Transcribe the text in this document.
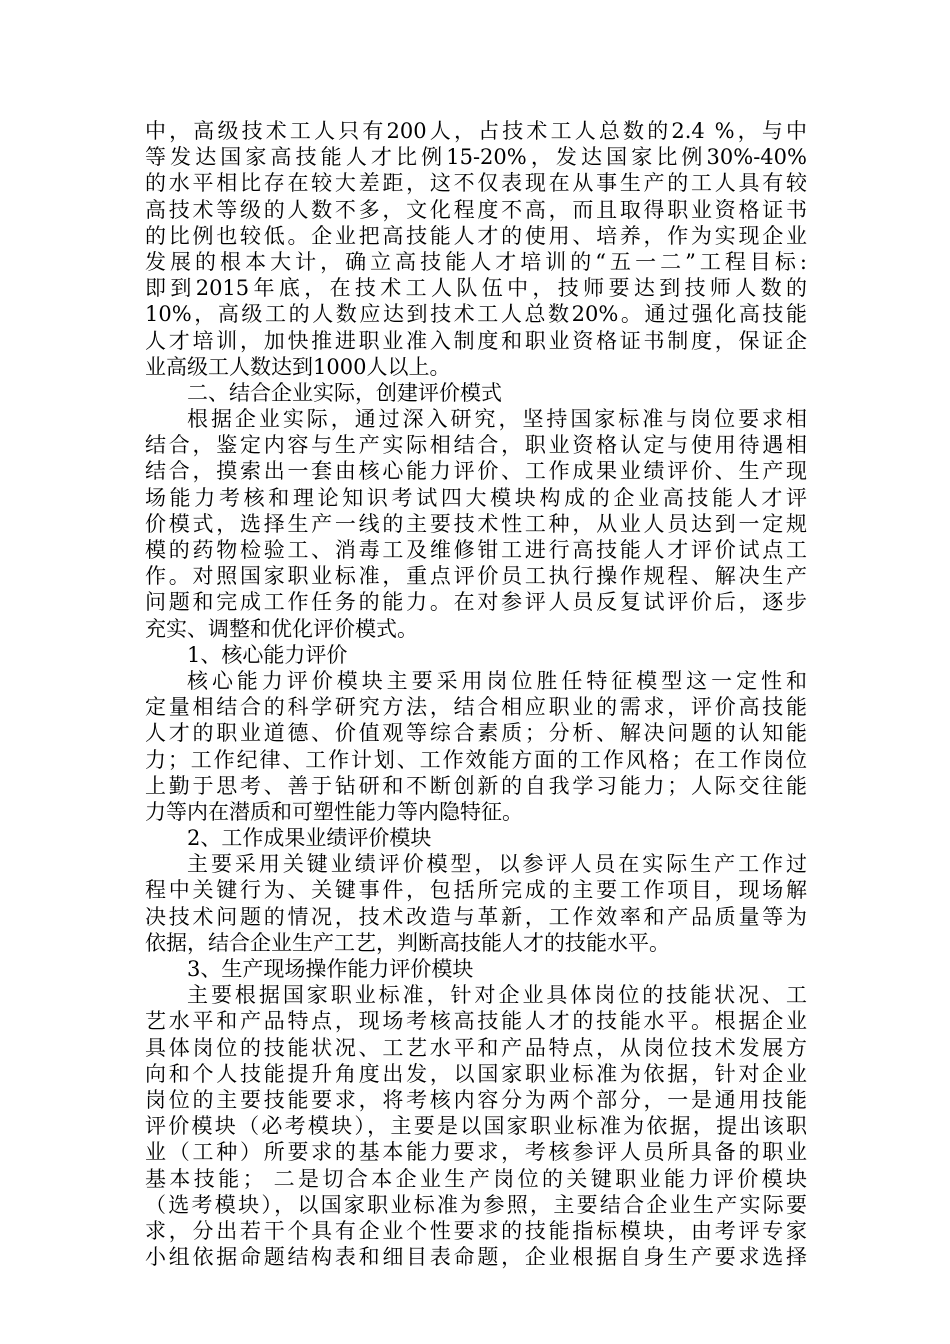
中，高级技术工人只有200人，占技术工人总数的2.4 %，与中
等发达国家高技能人才比例15-20%，发达国家比例30%-40%
的水平相比存在较大差距，这不仅表现在从事生产的工人具有较
高技术等级的人数不多，文化程度不高，而且取得职业资格证书
的比例也较低。企业把高技能人才的使用、培养，作为实现企业
发展的根本大计，确立高技能人才培训的“五一二”工程目标:
即到2015年底，在技术工人队伍中，技师要达到技师人数的
10%，高级工的人数应达到技术工人总数20%。通过强化高技能
人才培训，加快推进职业准入制度和职业资格证书制度，保证企
业高级工人数达到1000人以上。
二、结合企业实际，创建评价模式
根据企业实际，通过深入研究，坚持国家标准与岗位要求相
结合，鉴定内容与生产实际相结合，职业资格认定与使用待遇相
结合，摸索出一套由核心能力评价、工作成果业绩评价、生产现
场能力考核和理论知识考试四大模块构成的企业高技能人才评
价模式，选择生产一线的主要技术性工种，从业人员达到一定规
模的药物检验工、消毒工及维修钳工进行高技能人才评价试点工
作。对照国家职业标准，重点评价员工执行操作规程、解决生产
问题和完成工作任务的能力。在对参评人员反复试评价后，逐步
充实、调整和优化评价模式。
1、核心能力评价
核心能力评价模块主要采用岗位胜任特征模型这一定性和
定量相结合的科学研究方法，结合相应职业的需求，评价高技能
人才的职业道德、价值观等综合素质；分析、解决问题的认知能
力；工作纪律、工作计划、工作效能方面的工作风格；在工作岗位
上勤于思考、善于钻研和不断创新的自我学习能力；人际交往能
力等内在潜质和可塑性能力等内隐特征。
2、工作成果业绩评价模块
主要采用关键业绩评价模型，以参评人员在实际生产工作过
程中关键行为、关键事件，包括所完成的主要工作项目，现场解
决技术问题的情况，技术改造与革新，工作效率和产品质量等为
依据，结合企业生产工艺，判断高技能人才的技能水平。
3、生产现场操作能力评价模块
主要根据国家职业标准，针对企业具体岗位的技能状况、工
艺水平和产品特点，现场考核高技能人才的技能水平。根据企业
具体岗位的技能状况、工艺水平和产品特点，从岗位技术发展方
向和个人技能提升角度出发，以国家职业标准为依据，针对企业
岗位的主要技能要求，将考核内容分为两个部分，一是通用技能
评价模块（必考模块），主要是以国家职业标准为依据，提出该职
业（工种）所要求的基本能力要求，考核参评人员所具备的职业
基本技能； 二是切合本企业生产岗位的关键职业能力评价模块
（选考模块），以国家职业标准为参照，主要结合企业生产实际要
求，分出若干个具有企业个性要求的技能指标模块，由考评专家
小组依据命题结构表和细目表命题，企业根据自身生产要求选择
